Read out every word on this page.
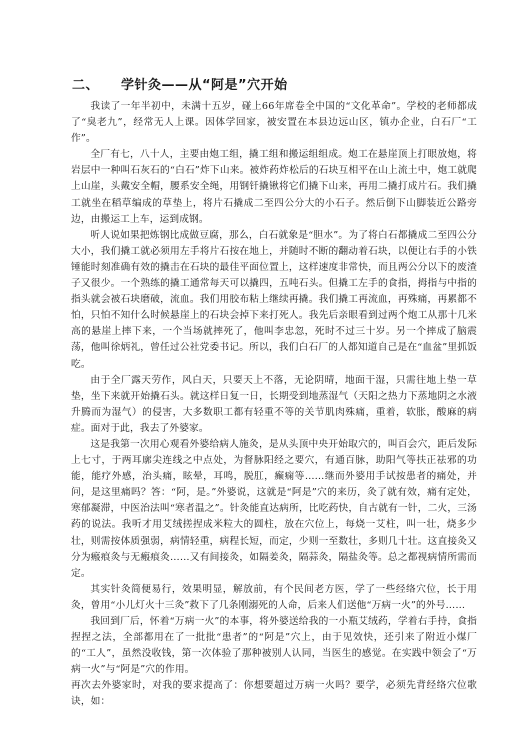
二、 学针灸——从“阿是”穴开始

我读了一年半初中，未满十五岁，碰上66年席卷全中国的“文化革命”。学校的老师都成了“臭老九”，经常无人上课。因体学回家，被安置在本县边远山区，镇办企业，白石厂“工作”。

全厂有七，八十人，主要由炮工组，撬工组和搬运组组成。炮工在悬崖顶上打眼放炮，将岩层中一种叫石灰石的“白石”炸下山来。被炸药炸松后的石块互相平在山上流土中，炮工就爬上山崖，头戴安全帽，腰系安全绳，用钢钎撬锹将它们撬下山来，再用二撬打成片石。我们撬工就坐在稻草编成的草垫上，将片石撬成二至四公分大的小石子。然后倒下山脚装近公路旁边，由搬运工上车，运到成钢。

听人说如果把炼钢比成做豆腐，那么，白石就象是“胆水”。为了将白石都撬成二至四公分大小，我们撬工就必须用左手将片石按在地上，并随时不断的翻动着石块，以便让右手的小铁锤能时刻准确有效的撬击在石块的最佳平面位置上，这样速度非常快，而且两公分以下的废渣子又很少。一个熟练的撬工通常每天可以撬四，五吨石头。但撬工左手的食指，拇指与中指的指头就会被石块磨破，流血。我们用胶布粘上继续再撬。我们撬工再流血，再殊痛，再累都不怕，只怕不知什么时候悬崖上的石块会掉下来打死人。我先后亲眼看到过两个炮工从那十几米高的悬崖上摔下来，一个当场就摔死了，他叫李忠忽，死时不过三十岁。另一个摔成了脑震荡，他叫徐炳礼，曾任过公社党委书记。所以，我们白石厂的人都知道自己是在“血盆”里抓饭吃。

由于全厂露天劳作，风白天，只要天上不落，无论阴晴，地面干湿，只需往地上垫一草垫，坐下来就开始撬石头。就这样日复一日，长期受到地蒸湿气（天阳之热力下蒸地阴之水液升腾而为湿气）的侵害，大多数职工都有轻重不等的关节肌肉殊痛，重着，软胀，酸麻的病症。面对于此，我去了外婆家。

这是我第一次用心观看外婆给病人施灸，是从头顶中央开始取穴的，叫百会穴，距后发际上七寸，于两耳廓尖连线之中点处，为督脉阳经之要穴，有通百脉，助阳气等扶正祛邪的功能，能疗外感，治头痛，眩晕，耳鸣，脱肛，癫痫等……继而外婆用手试按患者的痛处，并问，是这里痛吗？答：“阿，是。”外婆说，这就是“阿是”穴的来历，灸了就有效，痛有定处，寒郁凝滞，中医治法叫“寒者温之”。针灸能直达病所，比吃药快，自古就有一针，二火，三汤药的说法。我听才用艾绒搓捏成米粒大的圆柱，放在穴位上，每烧一艾柱，叫一壮，烧多少壮，则需按体质强弱，病情轻重，病程长短，而定，少则一至数壮，多则几十壮。这直接灸又分为瘢痕灸与无瘢痕灸……又有间接灸，如隔姜灸，隔蒜灸，隔盐灸等。总之都视病情所需而定。

其实针灸简便易行，效果明显，解放前，有个民间老方医，学了一些经络穴位，长于用灸，曾用“小儿灯火十三灸”救下了几条刚溺死的人命，后来人们送他“万病一火”的外号……

我回到厂后，怀着“万病一火”的本事，将外婆送给我的一小瓶艾绒药，学着右手持，食指捏捏之法，全部都用在了一批批“患者”的“阿是”穴上，由于见效快，还引来了附近小煤厂的“工人”，虽然没收钱，第一次体验了那种被别人认同，当医生的感觉。在实践中领会了“万病一火”与“阿是”穴的作用。

再次去外婆家时，对我的要求提高了：你想要超过万病一火吗？要学，必须先背经络穴位歌诀，如：
